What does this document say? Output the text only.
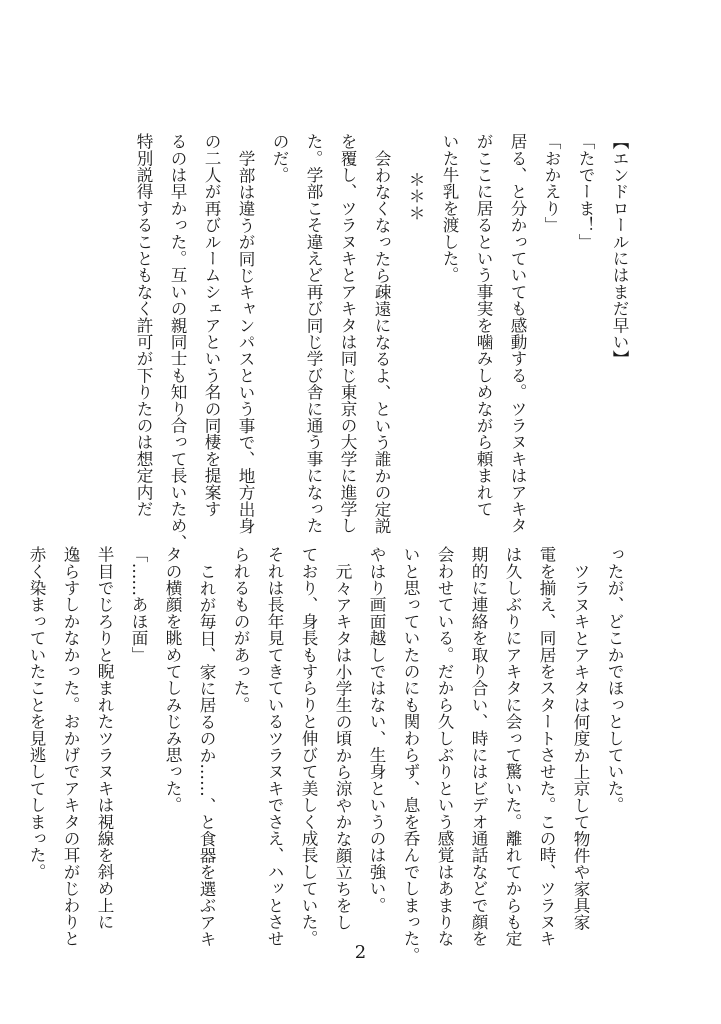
【エンドロールにはまだ早い】
「たでーま！」
「おかえり」
居る、と分かっていても感動する。ツラヌキはアキタ
がここに居るという事実を噛みしめながら頼まれて
いた牛乳を渡した。
＊＊＊
会わなくなったら疎遠になるよ、という誰かの定説
を覆し、ツラヌキとアキタは同じ東京の大学に進学し
た。学部こそ違えど再び同じ学び舎に通う事になった
のだ。
学部は違うが同じキャンパスという事で、地方出身
の二人が再びルームシェアという名の同棲を提案す
るのは早かった。互いの親同士も知り合って長いため、
特別説得することもなく許可が下りたのは想定内だ
ったが、どこかでほっとしていた。
ツラヌキとアキタは何度か上京して物件や家具家
電を揃え、同居をスタートさせた。この時、ツラヌキ
は久しぶりにアキタに会って驚いた。離れてからも定
期的に連絡を取り合い、時にはビデオ通話などで顔を
会わせている。だから久しぶりという感覚はあまりな
いと思っていたのにも関わらず、息を呑んでしまった。
やはり画面越しではない、生身というのは強い。
元々アキタは小学生の頃から涼やかな顔立ちをし
ており、身長もすらりと伸びて美しく成長していた。
それは長年見てきているツラヌキでさえ、ハッとさせ
られるものがあった。
これが毎日、家に居るのか……、と食器を選ぶアキ
タの横顔を眺めてしみじみ思った。
「……あほ面」
半目でじろりと睨まれたツラヌキは視線を斜め上に
逸らすしかなかった。おかげでアキタの耳がじわりと
赤く染まっていたことを見逃してしまった。
2
